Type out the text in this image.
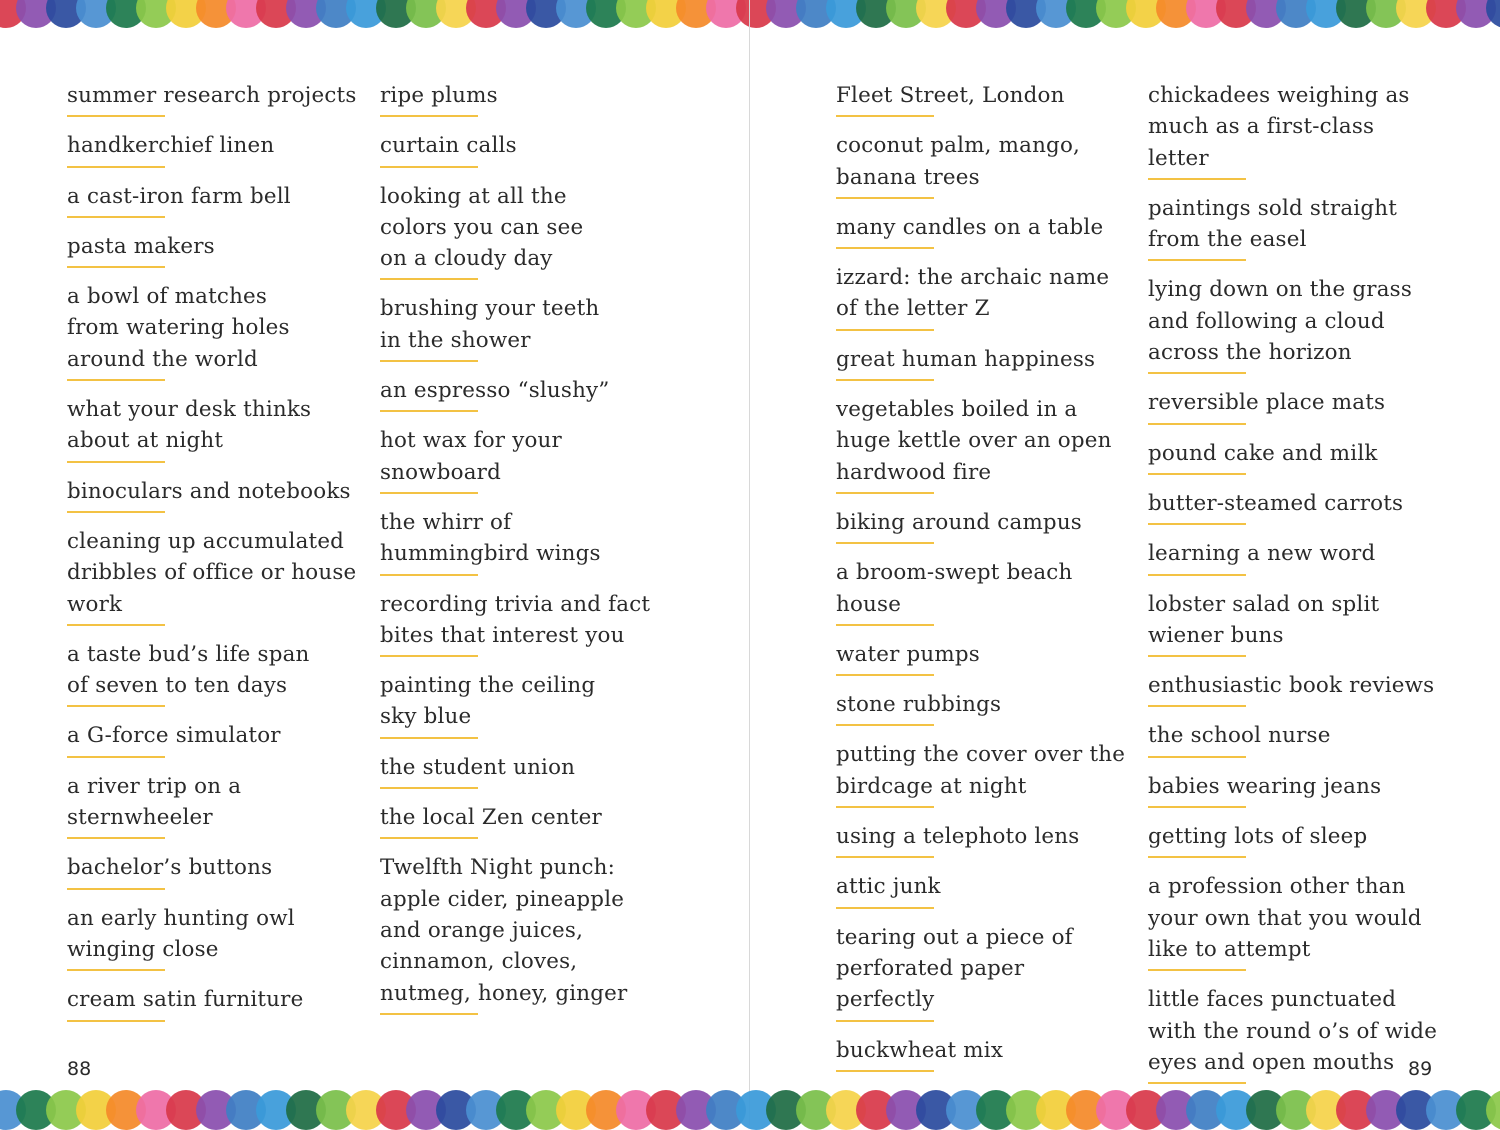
summer research projects
handkerchief linen
a cast-iron farm bell
pasta makers
a bowl of matches
from watering holes
around the world
what your desk thinks
about at night
binoculars and notebooks
cleaning up accumulated
dribbles of office or house
work
a taste bud’s life span
of seven to ten days
a G-force simulator
a river trip on a
sternwheeler
bachelor’s buttons
an early hunting owl
winging close
cream satin furniture
ripe plums
curtain calls
looking at all the
colors you can see
on a cloudy day
brushing your teeth
in the shower
an espresso “slushy”
hot wax for your
snowboard
the whirr of
hummingbird wings
recording trivia and fact
bites that interest you
painting the ceiling
sky blue
the student union
the local Zen center
Twelfth Night punch:
apple cider, pineapple
and orange juices,
cinnamon, cloves,
nutmeg, honey, ginger
Fleet Street, London
coconut palm, mango,
banana trees
many candles on a table
izzard: the archaic name
of the letter Z
great human happiness
vegetables boiled in a
huge kettle over an open
hardwood fire
biking around campus
a broom-swept beach
house
water pumps
stone rubbings
putting the cover over the
birdcage at night
using a telephoto lens
attic junk
tearing out a piece of
perforated paper perfectly
buckwheat mix
chickadees weighing as
much as a first-class letter
paintings sold straight
from the easel
lying down on the grass
and following a cloud
across the horizon
reversible place mats
pound cake and milk
butter-steamed carrots
learning a new word
lobster salad on split
wiener buns
enthusiastic book reviews
the school nurse
babies wearing jeans
getting lots of sleep
a profession other than
your own that you would
like to attempt
little faces punctuated
with the round o’s of wide
eyes and open mouths
88	89
